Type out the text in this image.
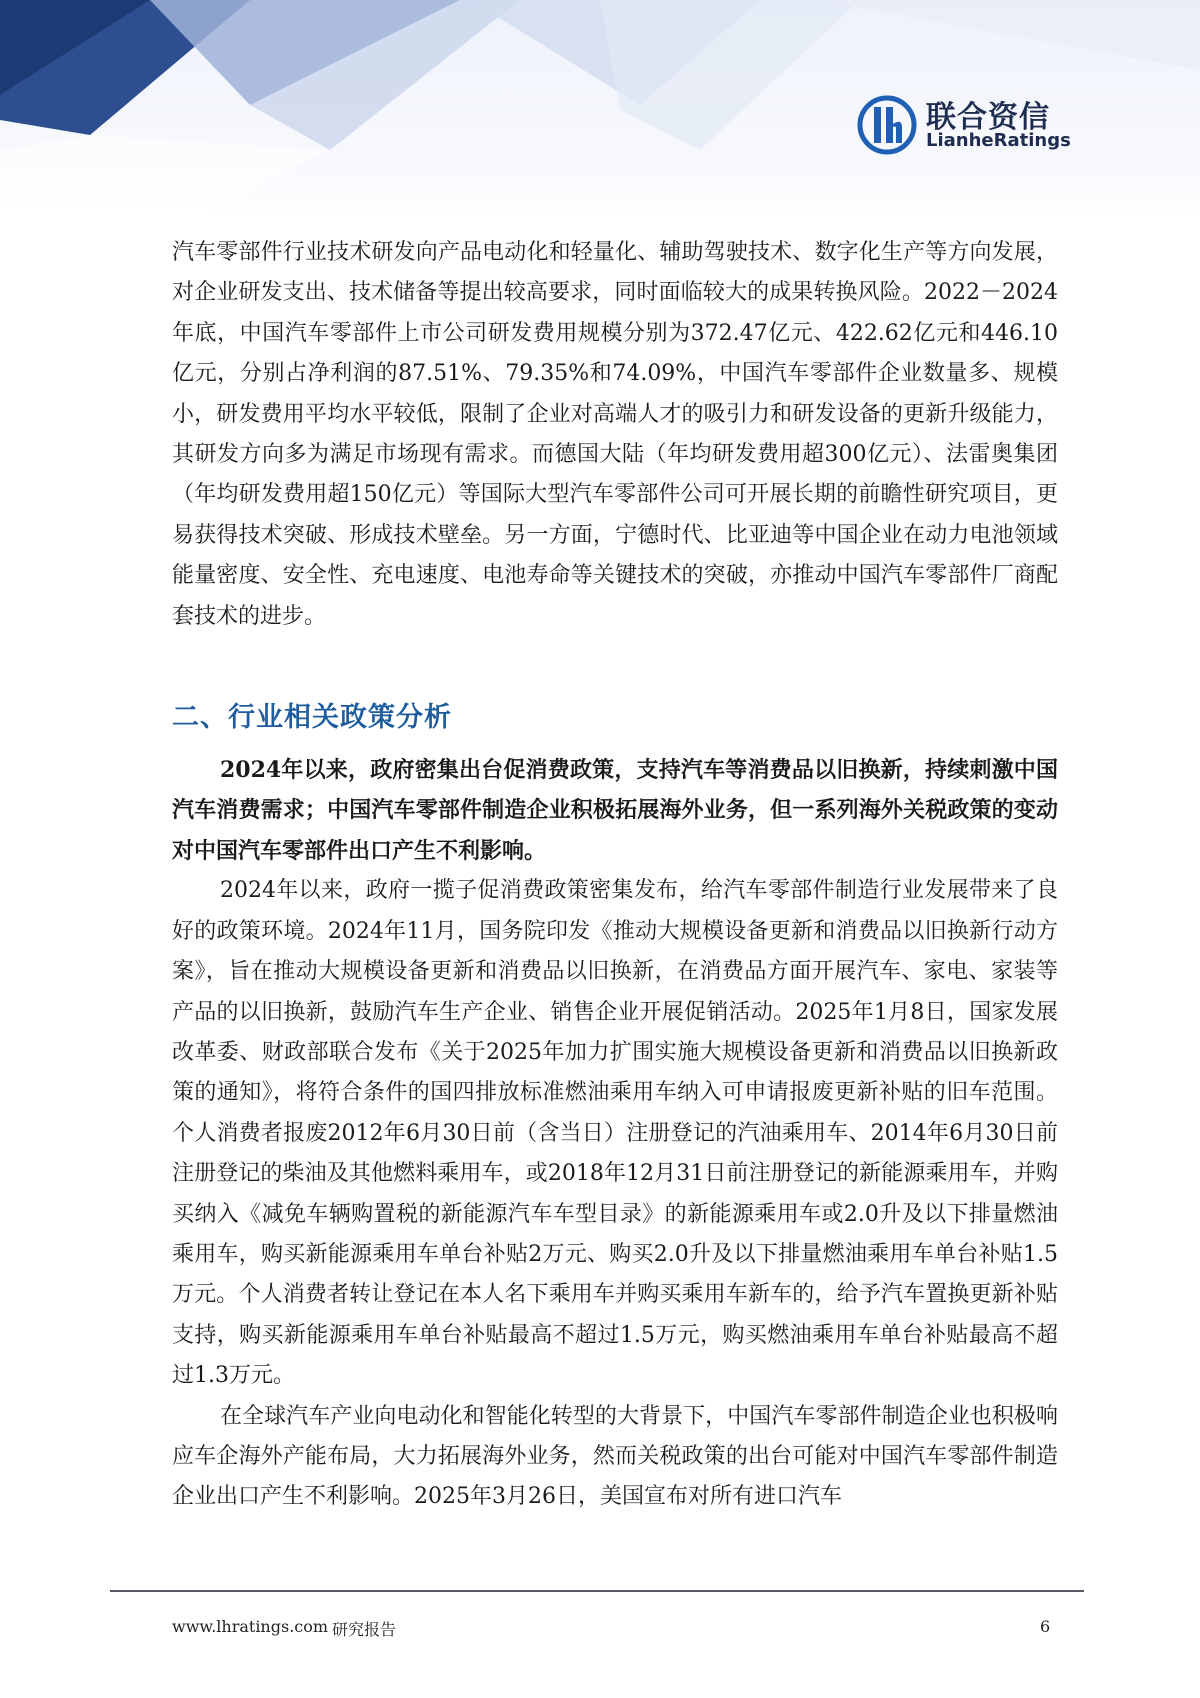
联合资信
LianheRatings

汽车零部件行业技术研发向产品电动化和轻量化、辅助驾驶技术、数字化生产等方向发展，对企业研发支出、技术储备等提出较高要求，同时面临较大的成果转换风险。2022－2024年底，中国汽车零部件上市公司研发费用规模分别为372.47亿元、422.62亿元和446.10亿元，分别占净利润的87.51%、79.35%和74.09%，中国汽车零部件企业数量多、规模小，研发费用平均水平较低，限制了企业对高端人才的吸引力和研发设备的更新升级能力，其研发方向多为满足市场现有需求。而德国大陆（年均研发费用超300亿元）、法雷奥集团（年均研发费用超150亿元）等国际大型汽车零部件公司可开展长期的前瞻性研究项目，更易获得技术突破、形成技术壁垒。另一方面，宁德时代、比亚迪等中国企业在动力电池领域能量密度、安全性、充电速度、电池寿命等关键技术的突破，亦推动中国汽车零部件厂商配套技术的进步。

二、行业相关政策分析

2024年以来，政府密集出台促消费政策，支持汽车等消费品以旧换新，持续刺激中国汽车消费需求；中国汽车零部件制造企业积极拓展海外业务，但一系列海外关税政策的变动对中国汽车零部件出口产生不利影响。

2024年以来，政府一揽子促消费政策密集发布，给汽车零部件制造行业发展带来了良好的政策环境。2024年11月，国务院印发《推动大规模设备更新和消费品以旧换新行动方案》，旨在推动大规模设备更新和消费品以旧换新，在消费品方面开展汽车、家电、家装等产品的以旧换新，鼓励汽车生产企业、销售企业开展促销活动。2025年1月8日，国家发展改革委、财政部联合发布《关于2025年加力扩围实施大规模设备更新和消费品以旧换新政策的通知》，将符合条件的国四排放标准燃油乘用车纳入可申请报废更新补贴的旧车范围。个人消费者报废2012年6月30日前（含当日）注册登记的汽油乘用车、2014年6月30日前注册登记的柴油及其他燃料乘用车，或2018年12月31日前注册登记的新能源乘用车，并购买纳入《减免车辆购置税的新能源汽车车型目录》的新能源乘用车或2.0升及以下排量燃油乘用车，购买新能源乘用车单台补贴2万元、购买2.0升及以下排量燃油乘用车单台补贴1.5万元。个人消费者转让登记在本人名下乘用车并购买乘用车新车的，给予汽车置换更新补贴支持，购买新能源乘用车单台补贴最高不超过1.5万元，购买燃油乘用车单台补贴最高不超过1.3万元。

在全球汽车产业向电动化和智能化转型的大背景下，中国汽车零部件制造企业也积极响应车企海外产能布局，大力拓展海外业务，然而关税政策的出台可能对中国汽车零部件制造企业出口产生不利影响。2025年3月26日，美国宣布对所有进口汽车

www.lhratings.com 研究报告	6
